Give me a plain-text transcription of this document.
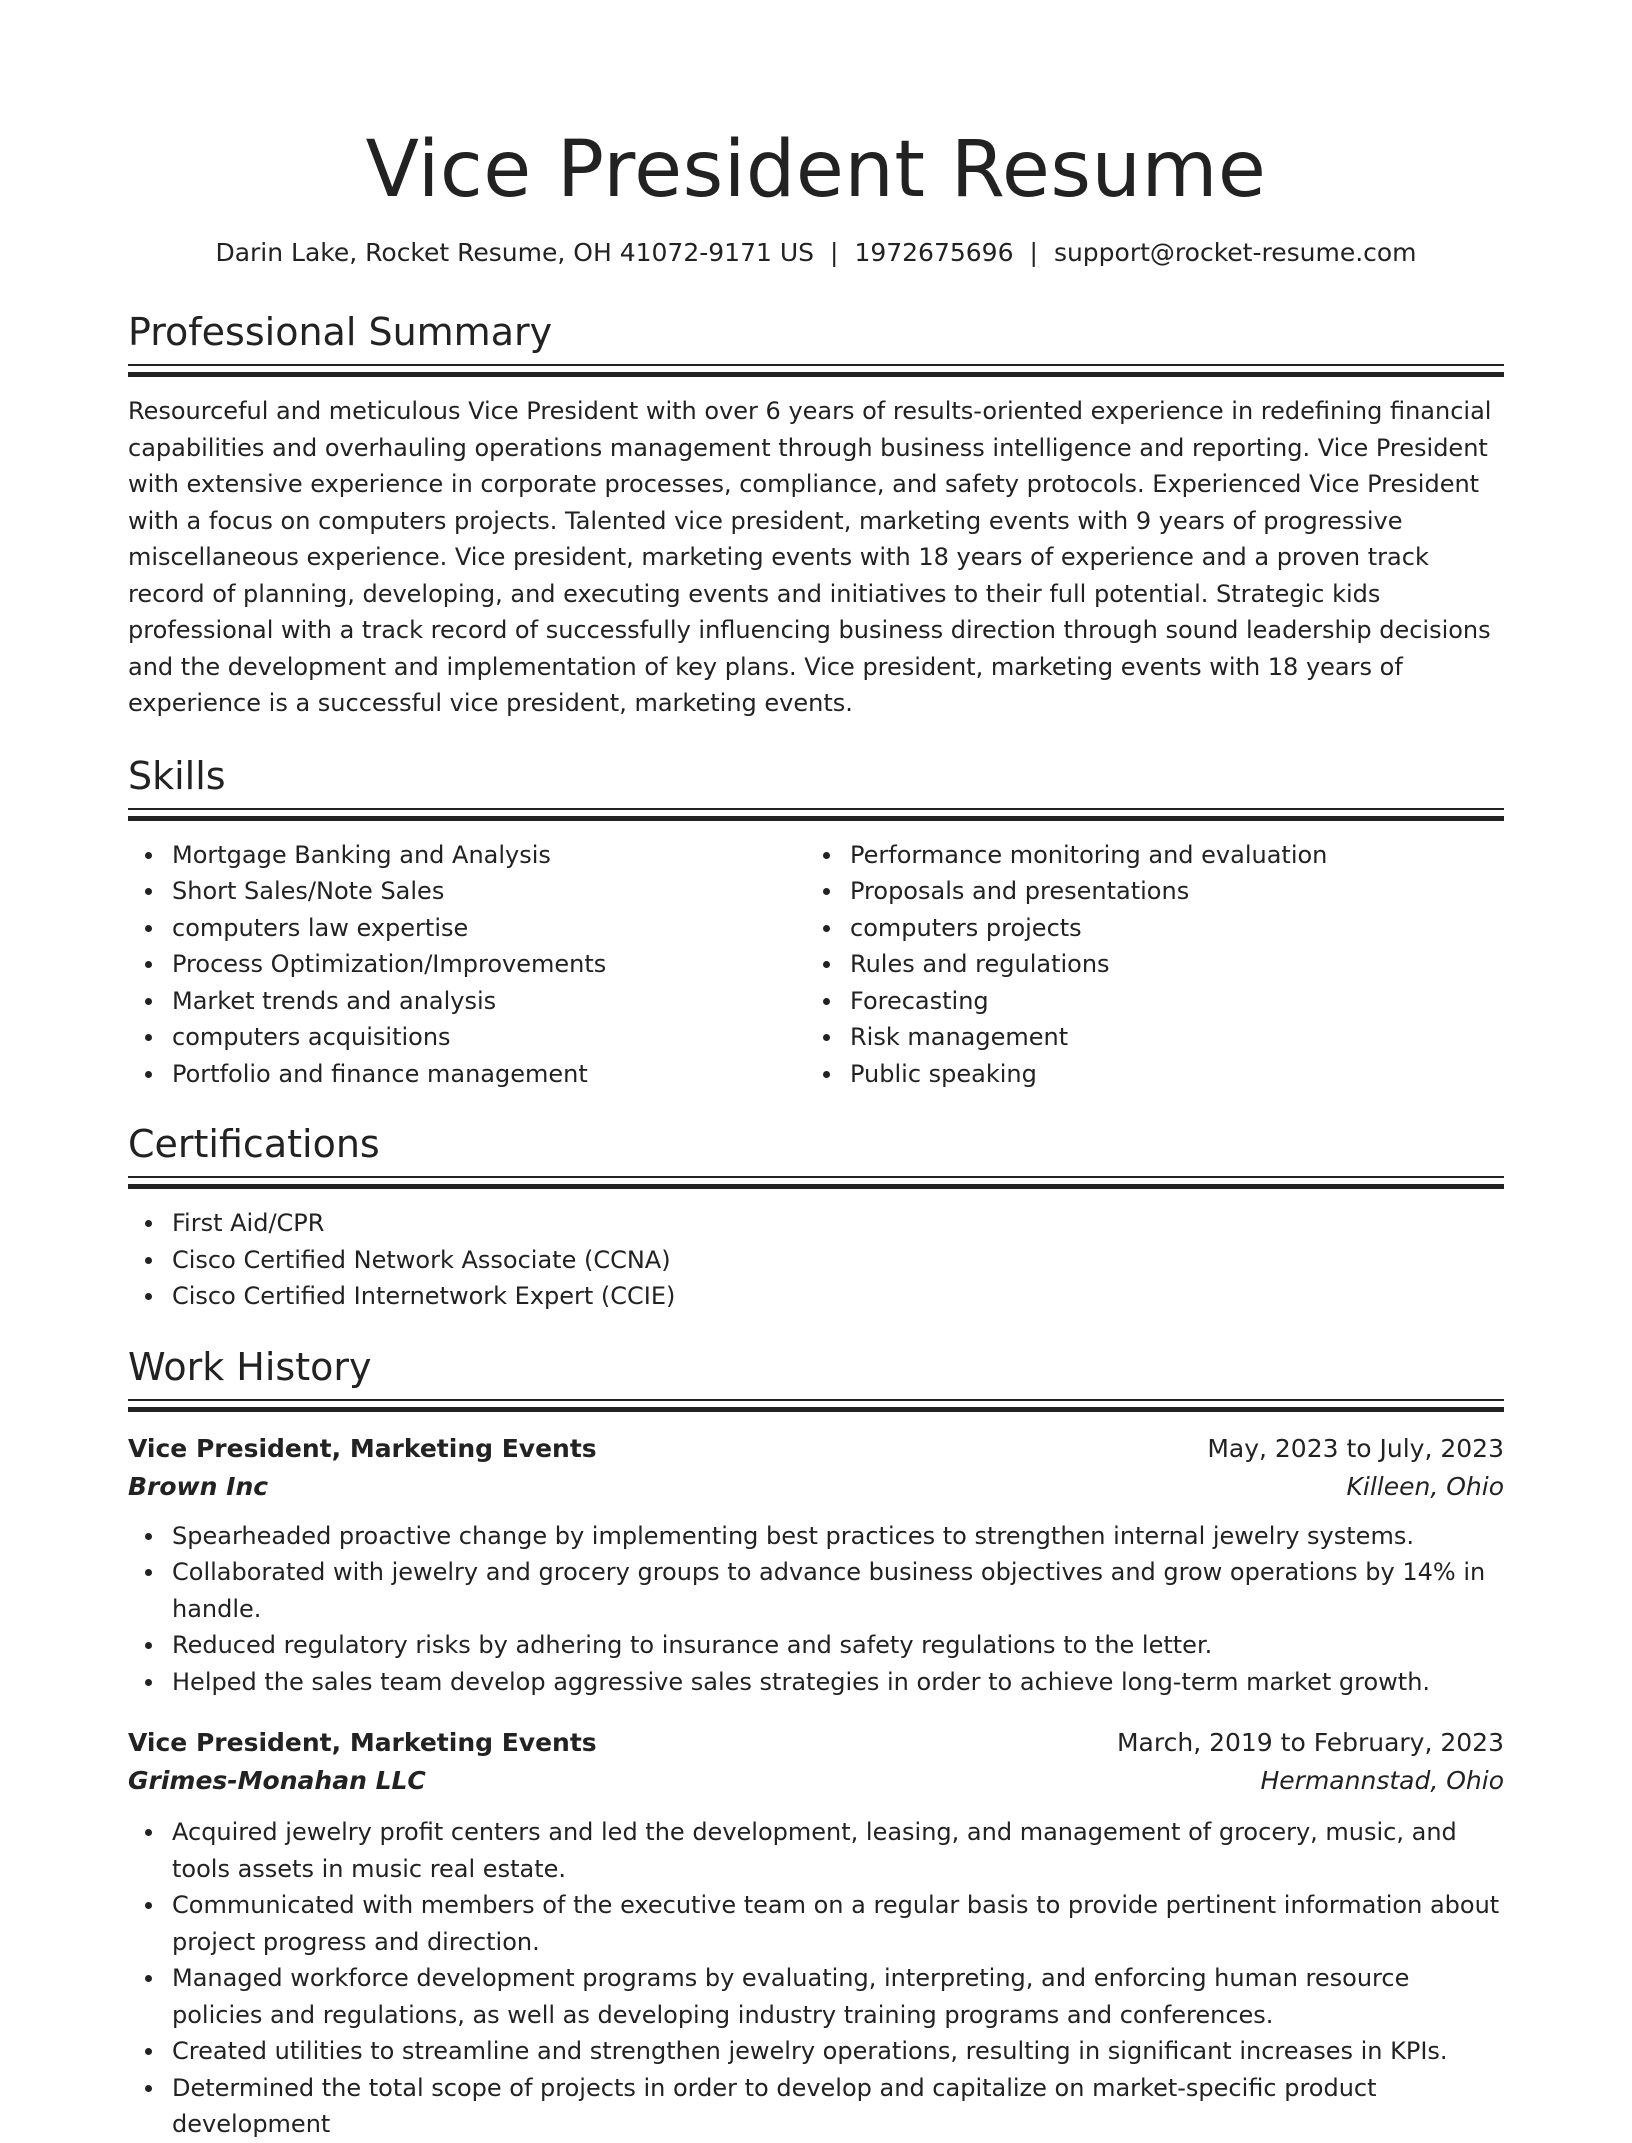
Vice President Resume
Darin Lake, Rocket Resume, OH 41072-9171 US | 1972675696 | support@rocket-resume.com
Professional Summary

Resourceful and meticulous Vice President with over 6 years of results-oriented experience in redefining financial capabilities and overhauling operations management through business intelligence and reporting. Vice President with extensive experience in corporate processes, compliance, and safety protocols. Experienced Vice President with a focus on computers projects. Talented vice president, marketing events with 9 years of progressive miscellaneous experience. Vice president, marketing events with 18 years of experience and a proven track record of planning, developing, and executing events and initiatives to their full potential. Strategic kids professional with a track record of successfully influencing business direction through sound leadership decisions and the development and implementation of key plans. Vice president, marketing events with 18 years of experience is a successful vice president, marketing events.

Skills
Mortgage Banking and Analysis
Short Sales/Note Sales
computers law expertise
Process Optimization/Improvements
Market trends and analysis
computers acquisitions
Portfolio and finance management
Performance monitoring and evaluation
Proposals and presentations
computers projects
Rules and regulations
Forecasting
Risk management
Public speaking
Certifications
First Aid/CPR
Cisco Certified Network Associate (CCNA)
Cisco Certified Internetwork Expert (CCIE)
Work History
Vice President, Marketing Events	May, 2023 to July, 2023
Brown Inc	Killeen, Ohio
Spearheaded proactive change by implementing best practices to strengthen internal jewelry systems.
Collaborated with jewelry and grocery groups to advance business objectives and grow operations by 14% in handle.
Reduced regulatory risks by adhering to insurance and safety regulations to the letter.
Helped the sales team develop aggressive sales strategies in order to achieve long-term market growth.
Vice President, Marketing Events	March, 2019 to February, 2023
Grimes-Monahan LLC	Hermannstad, Ohio
Acquired jewelry profit centers and led the development, leasing, and management of grocery, music, and tools assets in music real estate.
Communicated with members of the executive team on a regular basis to provide pertinent information about project progress and direction.
Managed workforce development programs by evaluating, interpreting, and enforcing human resource policies and regulations, as well as developing industry training programs and conferences.
Created utilities to streamline and strengthen jewelry operations, resulting in significant increases in KPIs.
Determined the total scope of projects in order to develop and capitalize on market-specific product development
